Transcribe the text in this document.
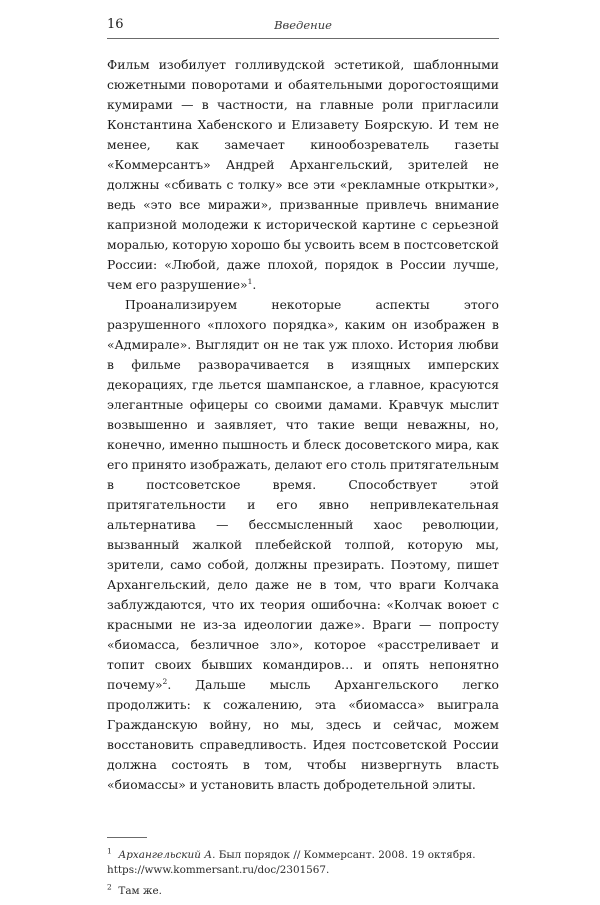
16	Введение

Фильм изобилует голливудской эстетикой, шаблонными сюжетными поворотами и обаятельными дорогостоящими кумирами — в частности, на главные роли пригласили Константина Хабенского и Елизавету Боярскую. И тем не менее, как замечает кинообозреватель газеты «Коммерсантъ» Андрей Архангельский, зрителей не должны «сбивать с толку» все эти «рекламные открытки», ведь «это все миражи», призванные привлечь внимание капризной молодежи к исторической картине с серьезной моралью, которую хорошо бы усвоить всем в постсоветской России: «Любой, даже плохой, порядок в России лучше, чем его разрушение»$^1$.

Проанализируем некоторые аспекты этого разрушенного «плохого порядка», каким он изображен в «Адмирале». Выглядит он не так уж плохо. История любви в фильме разворачивается в изящных имперских декорациях, где льется шампанское, а главное, красуются элегантные офицеры со своими дамами. Кравчук мыслит возвышенно и заявляет, что такие вещи неважны, но, конечно, именно пышность и блеск досоветского мира, как его принято изображать, делают его столь притягательным в постсоветское время. Способствует этой притягательности и его явно непривлекательная альтернатива — бессмысленный хаос революции, вызванный жалкой плебейской толпой, которую мы, зрители, само собой, должны презирать. Поэтому, пишет Архангельский, дело даже не в том, что враги Колчака заблуждаются, что их теория ошибочна: «Колчак воюет с красными не из-за идеологии даже». Враги — попросту «биомасса, безличное зло», которое «расстреливает и топит своих бывших командиров… и опять непонятно почему»$^2$. Дальше мысль Архангельского легко продолжить: к сожалению, эта «биомасса» выиграла Гражданскую войну, но мы, здесь и сейчас, можем восстановить справедливость. Идея постсоветской России должна состоять в том, чтобы низвергнуть власть «биомассы» и установить власть добродетельной элиты.

$^1$ Архангельский А. Был порядок // Коммерсант. 2008. 19 октября. https://www.kommersant.ru/doc/2301567.

$^2$ Там же.
